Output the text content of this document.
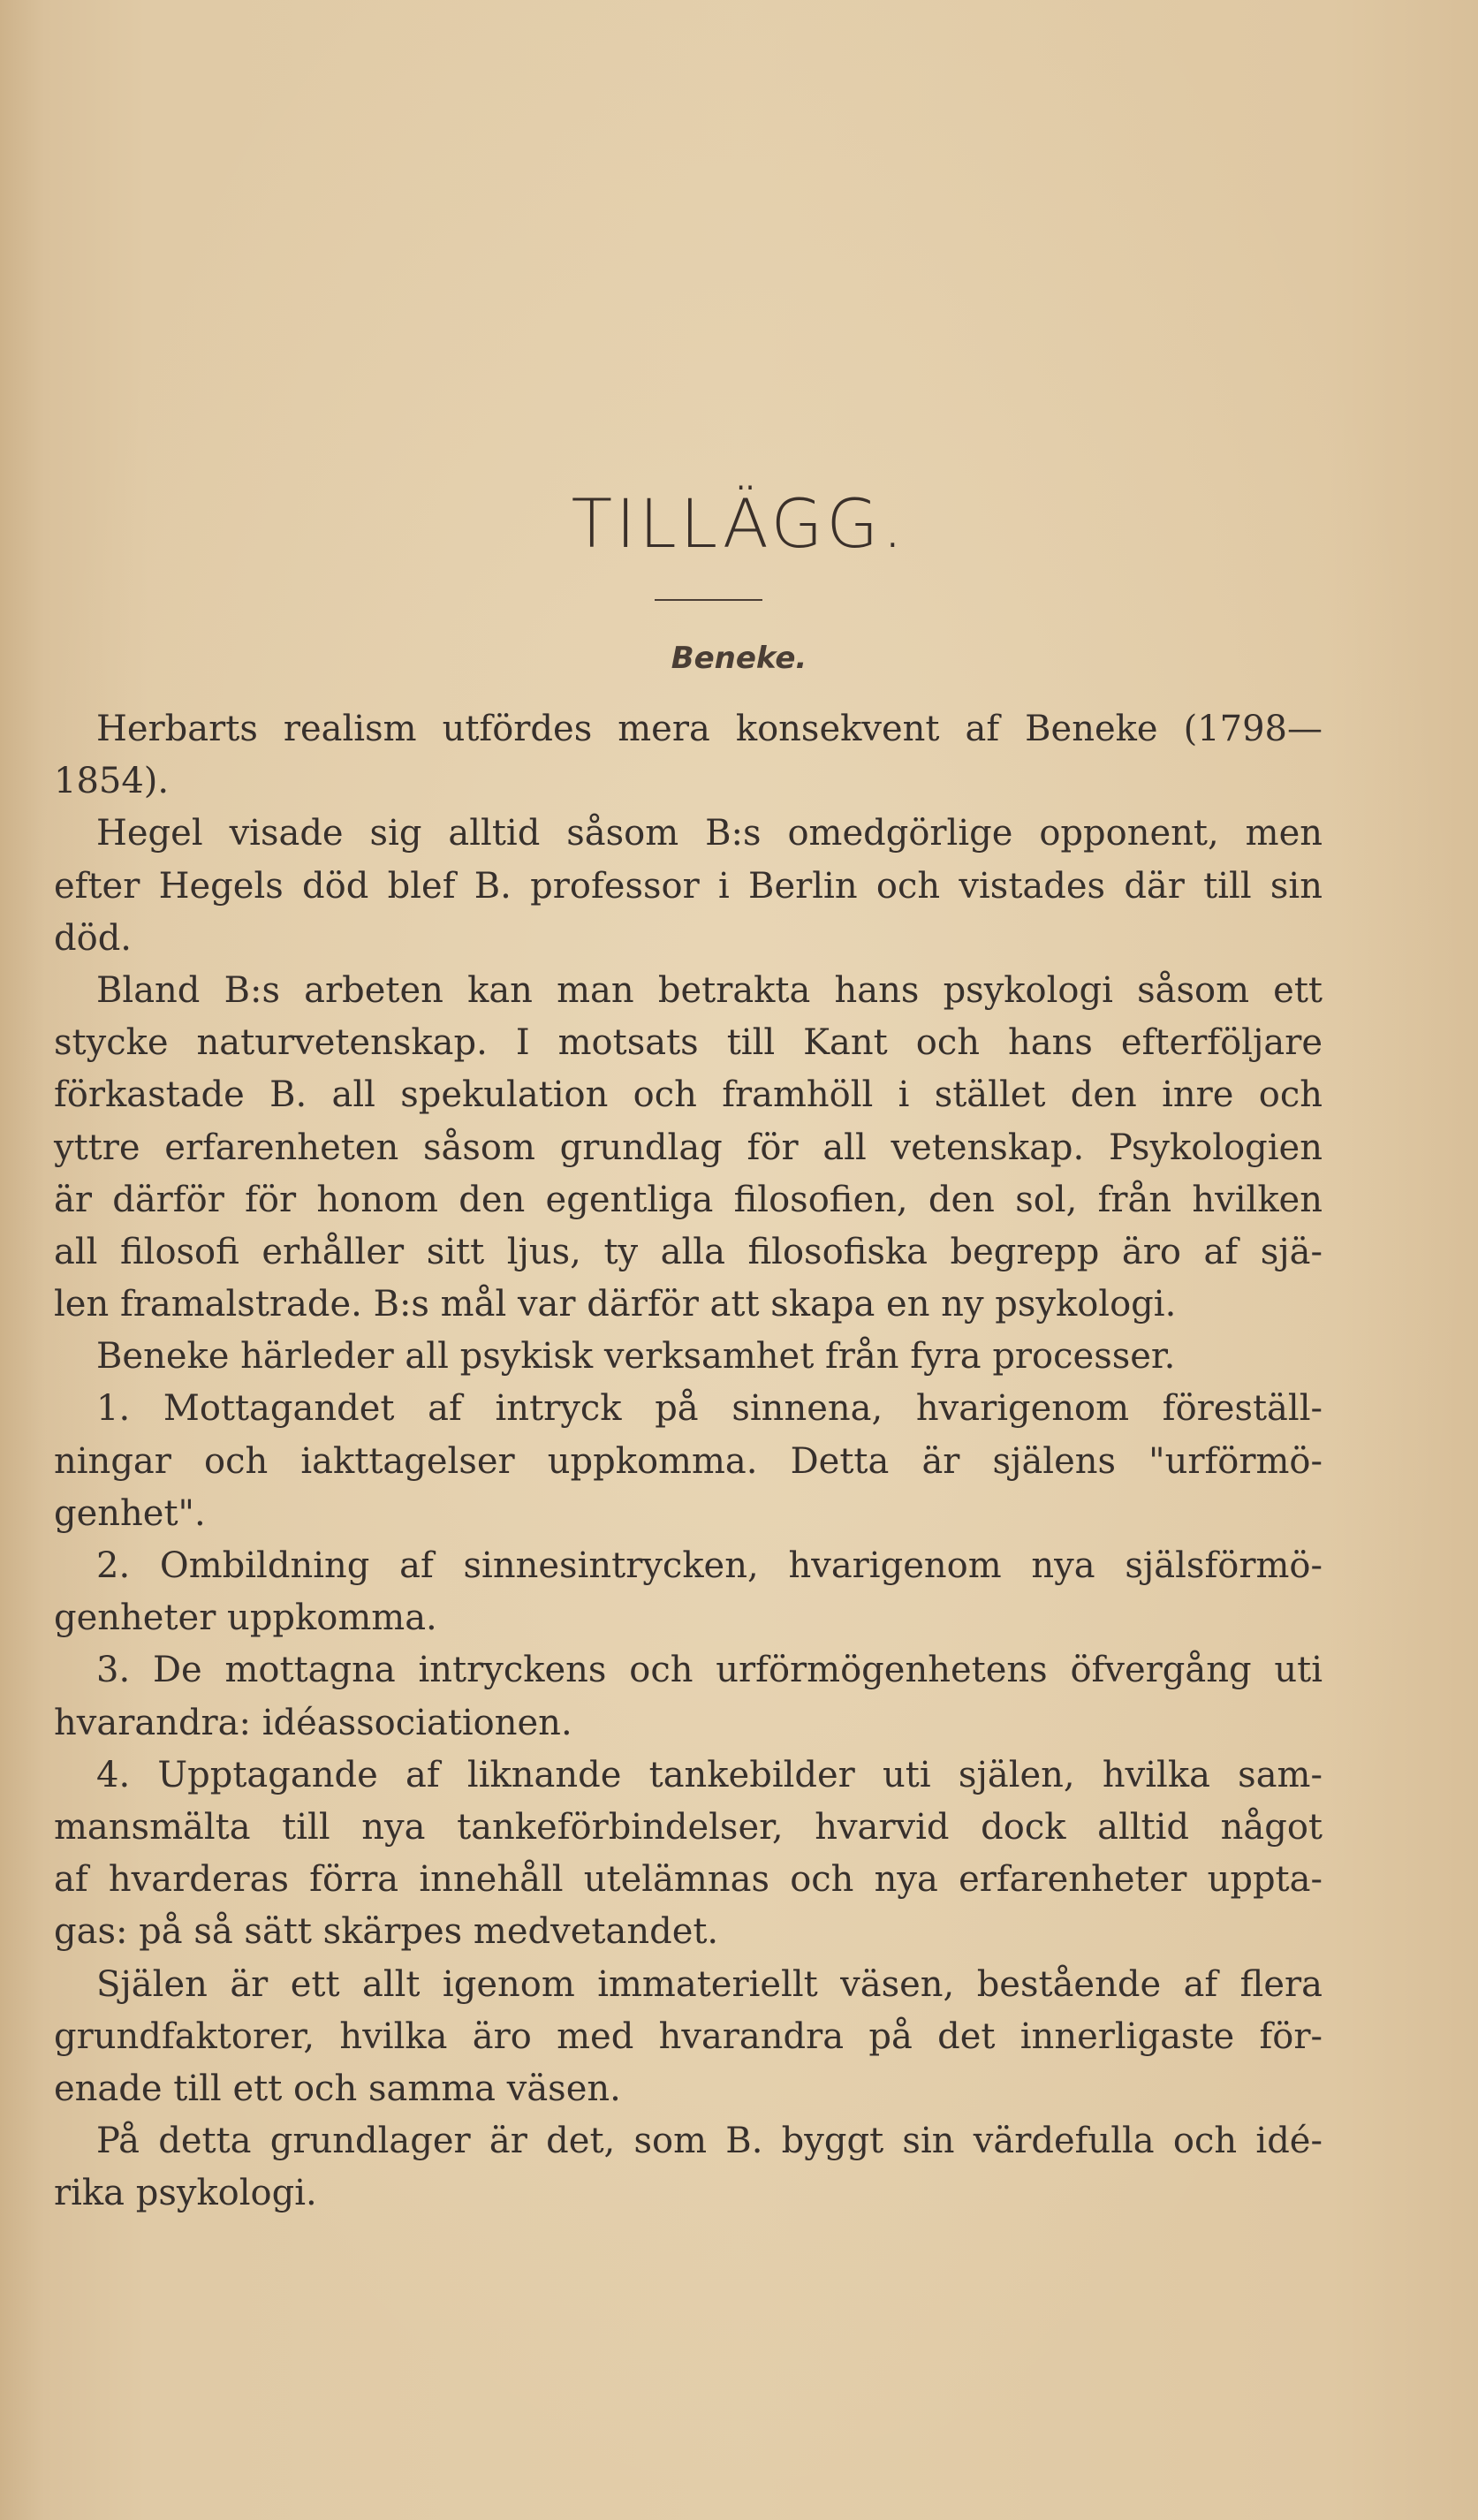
TILLÄGG.
Beneke.
Herbarts realism utfördes mera konsekvent af Beneke (1798—
1854).
Hegel visade sig alltid såsom B:s omedgörlige opponent, men
efter Hegels död blef B. professor i Berlin och vistades där till sin
död.
Bland B:s arbeten kan man betrakta hans psykologi såsom ett
stycke naturvetenskap. I motsats till Kant och hans efterföljare
förkastade B. all spekulation och framhöll i stället den inre och
yttre erfarenheten såsom grundlag för all vetenskap. Psykologien
är därför för honom den egentliga filosofien, den sol, från hvilken
all filosofi erhåller sitt ljus, ty alla filosofiska begrepp äro af sjä-
len framalstrade. B:s mål var därför att skapa en ny psykologi.
Beneke härleder all psykisk verksamhet från fyra processer.
1. Mottagandet af intryck på sinnena, hvarigenom föreställ-
ningar och iakttagelser uppkomma. Detta är själens "urförmö-
genhet".
2. Ombildning af sinnesintrycken, hvarigenom nya själsförmö-
genheter uppkomma.
3. De mottagna intryckens och urförmögenhetens öfvergång uti
hvarandra: idéassociationen.
4. Upptagande af liknande tankebilder uti själen, hvilka sam-
mansmälta till nya tankeförbindelser, hvarvid dock alltid något
af hvarderas förra innehåll utelämnas och nya erfarenheter uppta-
gas: på så sätt skärpes medvetandet.
Själen är ett allt igenom immateriellt väsen, bestående af flera
grundfaktorer, hvilka äro med hvarandra på det innerligaste för-
enade till ett och samma väsen.
På detta grundlager är det, som B. byggt sin värdefulla och idé-
rika psykologi.
